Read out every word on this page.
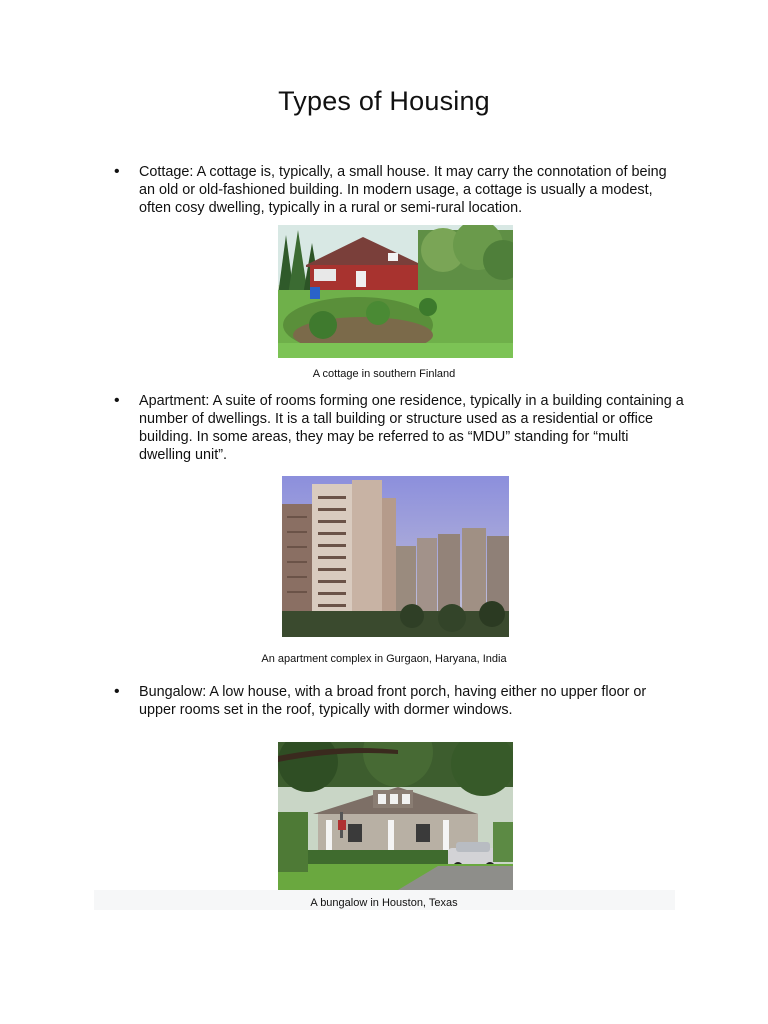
Types of Housing
• Cottage: A cottage is, typically, a small house. It may carry the connotation of being an old or old-fashioned building. In modern usage, a cottage is usually a modest, often cosy dwelling, typically in a rural or semi-rural location.
A cottage in southern Finland
• Apartment: A suite of rooms forming one residence, typically in a building containing a number of dwellings. It is a tall building or structure used as a residential or office building. In some areas, they may be referred to as “MDU” standing for “multi dwelling unit”.
An apartment complex in Gurgaon, Haryana, India
• Bungalow: A low house, with a broad front porch, having either no upper floor or upper rooms set in the roof, typically with dormer windows.
A bungalow in Houston, Texas
